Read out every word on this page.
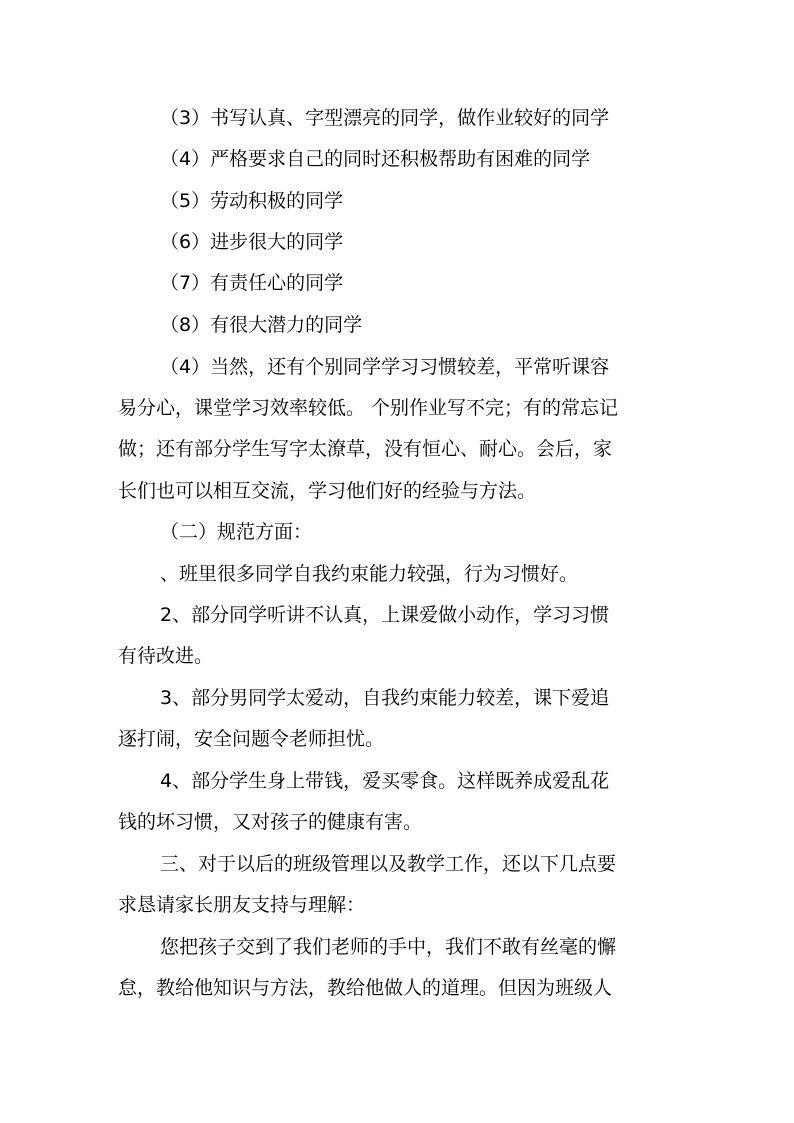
（3）书写认真、字型漂亮的同学，做作业较好的同学
（4）严格要求自己的同时还积极帮助有困难的同学
（5）劳动积极的同学
（6）进步很大的同学
（7）有责任心的同学
（8）有很大潜力的同学
（4）当然，还有个别同学学习习惯较差，平常听课容
易分心，课堂学习效率较低。 个别作业写不完；有的常忘记
做；还有部分学生写字太潦草，没有恒心、耐心。会后，家
长们也可以相互交流，学习他们好的经验与方法。
（二）规范方面：
、班里很多同学自我约束能力较强，行为习惯好。
2、部分同学听讲不认真，上课爱做小动作，学习习惯
有待改进。
3、部分男同学太爱动，自我约束能力较差，课下爱追
逐打闹，安全问题令老师担忧。
4、部分学生身上带钱，爱买零食。这样既养成爱乱花
钱的坏习惯，又对孩子的健康有害。
三、对于以后的班级管理以及教学工作，还以下几点要
求恳请家长朋友支持与理解：
您把孩子交到了我们老师的手中，我们不敢有丝毫的懈
怠，教给他知识与方法，教给他做人的道理。但因为班级人
